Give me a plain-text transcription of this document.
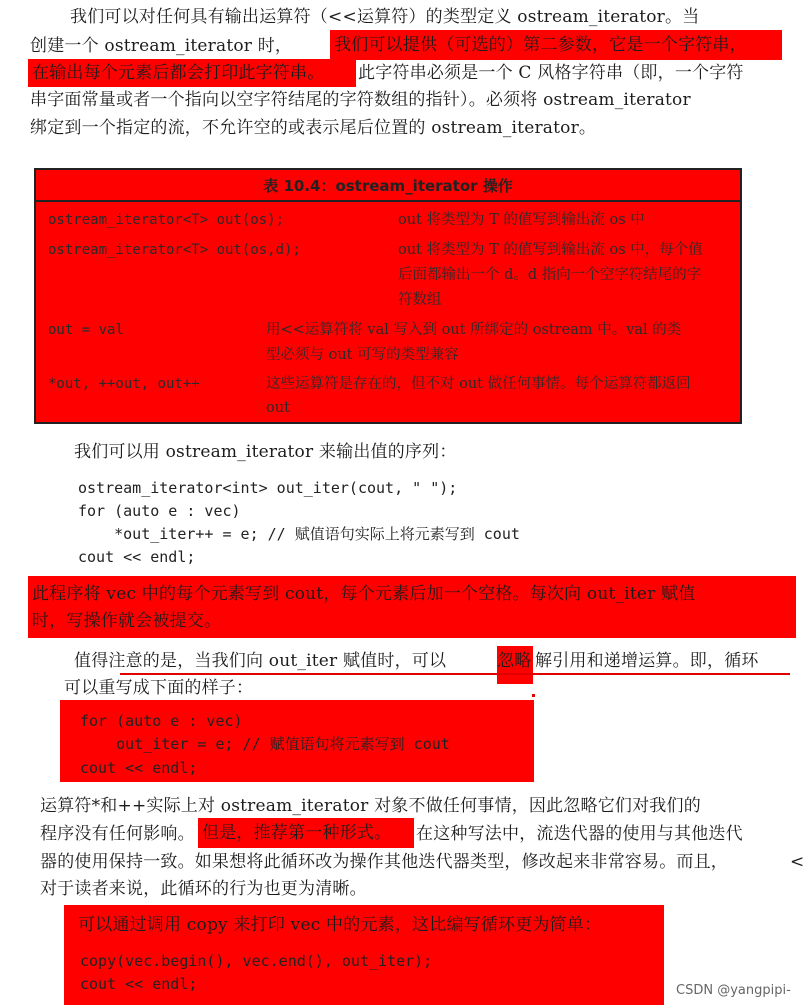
我们可以对任何具有输出运算符（<<运算符）的类型定义 ostream_iterator。当
创建一个 ostream_iterator 时， 我们可以提供（可选的）第二参数，它是一个字符串，
在输出每个元素后都会打印此字符串。	此字符串必须是一个 C 风格字符串（即，一个字符
串字面常量或者一个指向以空字符结尾的字符数组的指针）。必须将 ostream_iterator
绑定到一个指定的流，不允许空的或表示尾后位置的 ostream_iterator。
表 10.4：ostream_iterator 操作
ostream_iterator<T> out(os);	out 将类型为 T 的值写到输出流 os 中
ostream_iterator<T> out(os,d);	out 将类型为 T 的值写到输出流 os 中，每个值
后面都输出一个 d。d 指向一个空字符结尾的字
符数组
out = val	用<<运算符将 val 写入到 out 所绑定的 ostream 中。val 的类
型必须与 out 可写的类型兼容
*out, ++out, out++	这些运算符是存在的，但不对 out 做任何事情。每个运算符都返回
out
我们可以用 ostream_iterator 来输出值的序列：
ostream_iterator<int> out_iter(cout, " ");
for (auto e : vec)
*out_iter++ = e; // 赋值语句实际上将元素写到 cout
cout << endl;
此程序将 vec 中的每个元素写到 cout，每个元素后加一个空格。每次向 out_iter 赋值
时，写操作就会被提交。
值得注意的是，当我们向 out_iter 赋值时，可以	忽略 解引用和递增运算。即，循环
可以重写成下面的样子：
for (auto e : vec)
out_iter = e; // 赋值语句将元素写到 cout
cout << endl;
运算符*和++实际上对 ostream_iterator 对象不做任何事情，因此忽略它们对我们的
程序没有任何影响。 但是，推荐第一种形式。	在这种写法中，流迭代器的使用与其他迭代
器的使用保持一致。如果想将此循环改为操作其他迭代器类型，修改起来非常容易。而且，	<
对于读者来说，此循环的行为也更为清晰。
可以通过调用 copy 来打印 vec 中的元素，这比编写循环更为简单：
copy(vec.begin(), vec.end(), out_iter);
cout << endl;	CSDN @yangpipi-
